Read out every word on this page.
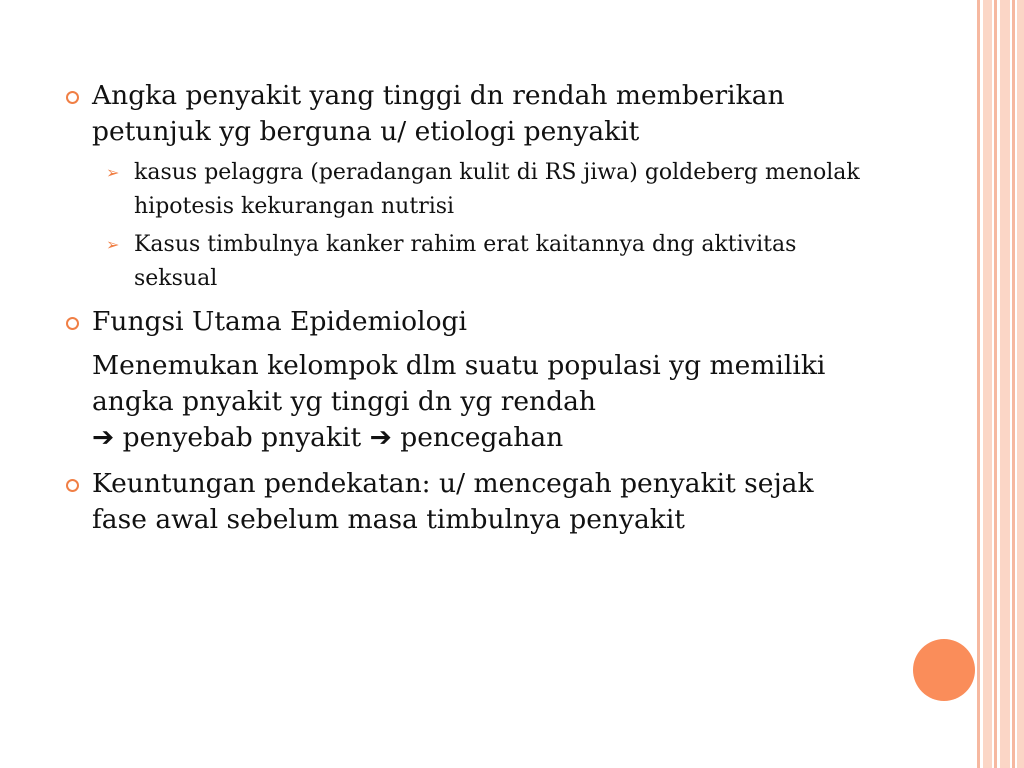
Angka penyakit yang tinggi dn rendah memberikan petunjuk yg berguna u/ etiologi penyakit
➢ kasus pelaggra (peradangan kulit di RS jiwa) goldeberg menolak hipotesis kekurangan nutrisi
➢ Kasus timbulnya kanker rahim erat kaitannya dng aktivitas seksual
Fungsi Utama Epidemiologi
Menemukan kelompok dlm suatu populasi yg memiliki angka pnyakit yg tinggi dn yg rendah
➔ penyebab pnyakit ➔ pencegahan
Keuntungan pendekatan: u/ mencegah penyakit sejak fase awal sebelum masa timbulnya penyakit
